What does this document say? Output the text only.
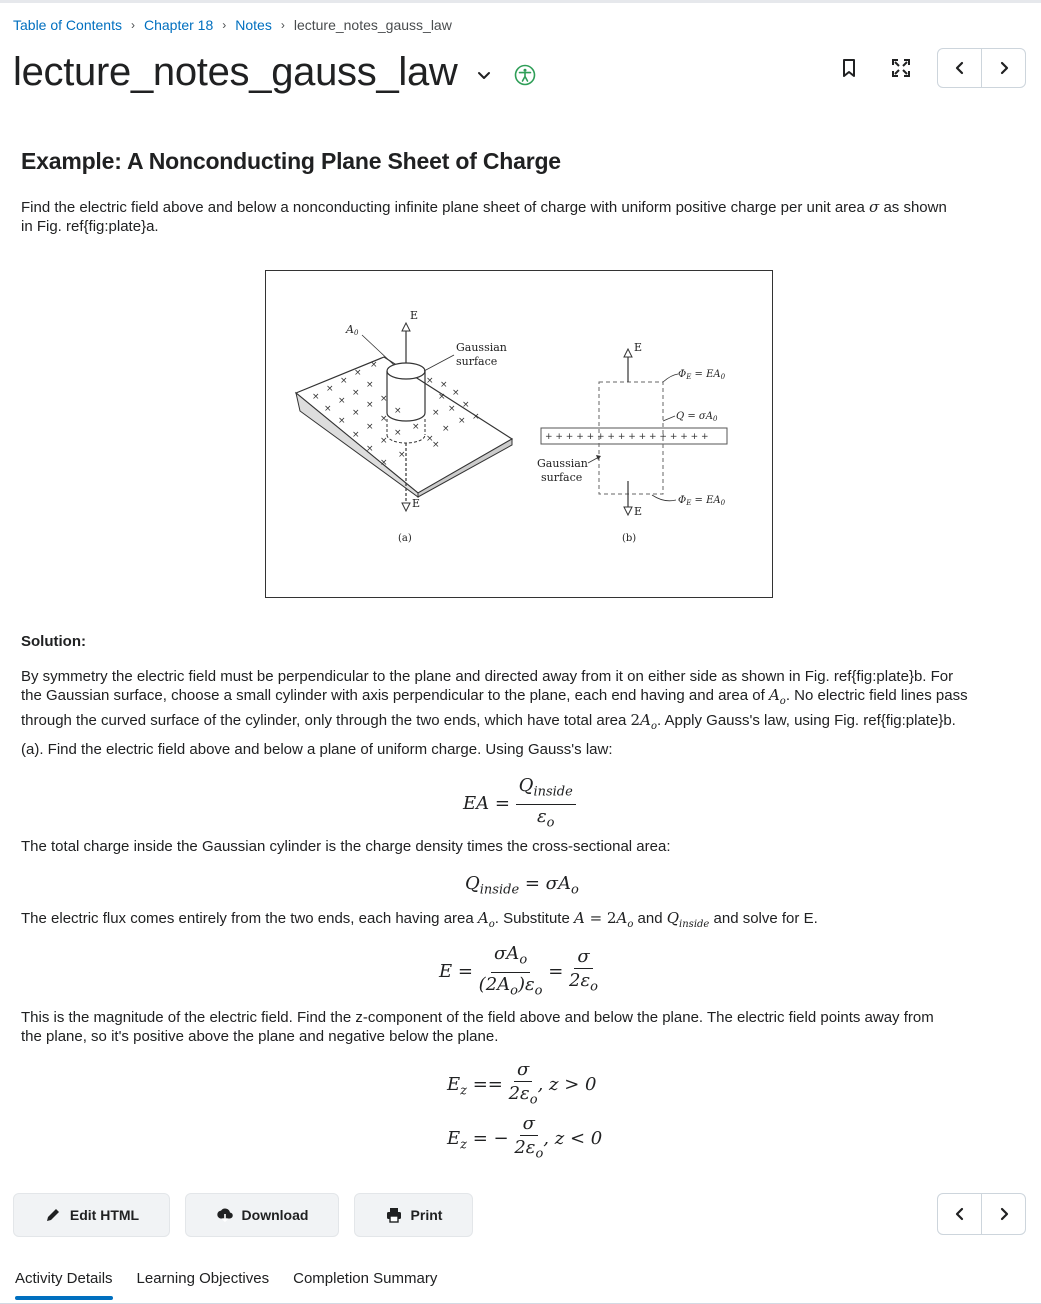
Table of Contents › Chapter 18 › Notes › lecture_notes_gauss_law
lecture_notes_gauss_law
Example: A Nonconducting Plane Sheet of Charge
Find the electric field above and below a nonconducting infinite plane sheet of charge with uniform positive charge per unit area σ as shown
in Fig. ref{fig:plate}a.
×
×
×
×
×
×
×
×
×
×
×
×
×
×
×
×
×
×
×
×
×
×
×
× ×
× ×
× ×
× ×
×
×
×
×
E
E
A0
Gaussian
surface
(a)
+ + + + + + + + + + + + + + + +
E
E
$\Phi_E = EA_0$
$Q = \sigma A_0$
$\Phi_E = EA_0$
Gaussian
surface
(b)
Solution:
By symmetry the electric field must be perpendicular to the plane and directed away from it on either side as shown in Fig. ref{fig:plate}b. For
the Gaussian surface, choose a small cylinder with axis perpendicular to the plane, each end having and area of $A_o$. No electric field lines pass
through the curved surface of the cylinder, only through the two ends, which have total area $2A_o$. Apply Gauss's law, using Fig. ref{fig:plate}b.
(a). Find the electric field above and below a plane of uniform charge. Using Gauss's law:
EA = $\frac{Q_{inside}}{\varepsilon_o}$
The total charge inside the Gaussian cylinder is the charge density times the cross-sectional area:
$Q_{inside} = \sigma A_o$
The electric flux comes entirely from the two ends, each having area $A_o$. Substitute $A = 2A_o$ and $Q_{inside}$ and solve for E.
$E = \frac{\sigma A_o}{(2A_o)\varepsilon_o} = \frac{\sigma}{2\varepsilon_o}$
This is the magnitude of the electric field. Find the z-component of the field above and below the plane. The electric field points away from
the plane, so it's positive above the plane and negative below the plane.
$E_z == \frac{\sigma}{2\varepsilon_o}$ , z > 0
$E_z$ = − $\frac{\sigma}{2\varepsilon_o}$ , z < 0
Edit HTML	Download	Print
Activity Details Learning Objectives Completion Summary
